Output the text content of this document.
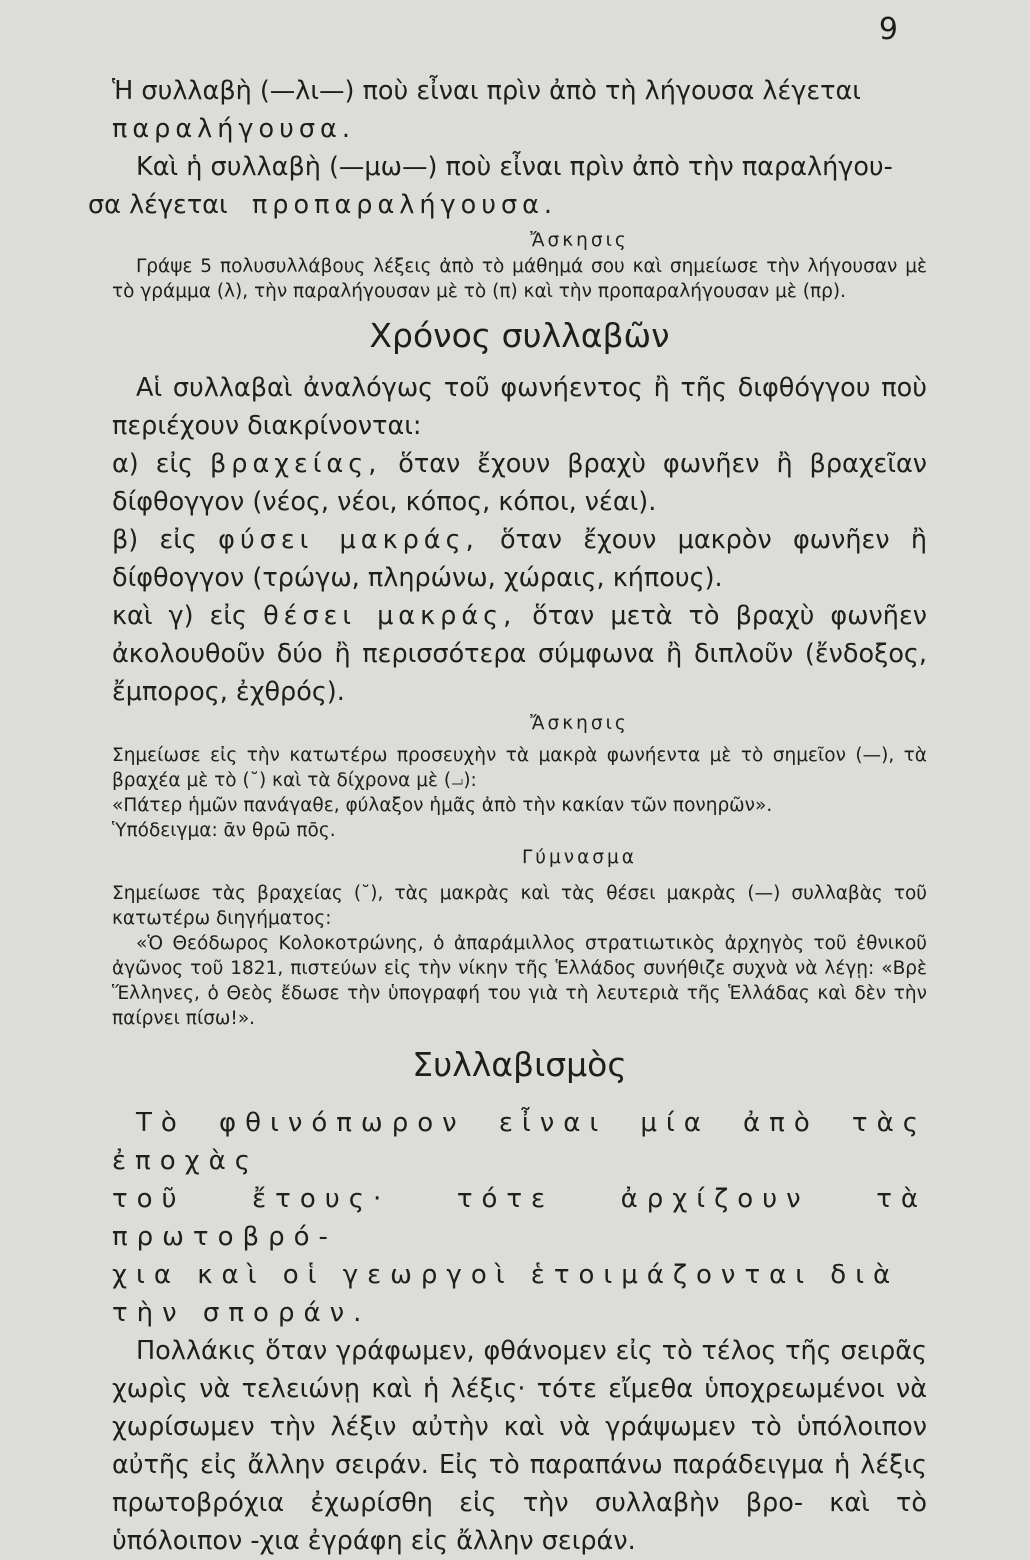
9

Ἡ συλλαβὴ (—λι—) ποὺ εἶναι πρὶν ἀπὸ τὴ λήγουσα λέγεται
παραλήγουσα.

Καὶ ἡ συλλαβὴ (—μω—) ποὺ εἶναι πρὶν ἀπὸ τὴν παραλήγου-
σα λέγεται προπαραλήγουσα.

Ἄσκησις

Γράψε 5 πολυσυλλάβους λέξεις ἀπὸ τὸ μάθημά σου καὶ σημείωσε τὴν λήγουσαν μὲ τὸ γράμμα (λ), τὴν παραλήγουσαν μὲ τὸ (π) καὶ τὴν προπαραλήγουσαν μὲ (πρ).

Χρόνος συλλαβῶν

Αἱ συλλαβαὶ ἀναλόγως τοῦ φωνήεντος ἢ τῆς διφθόγγου ποὺ περιέχουν διακρίνονται:

α) εἰς βραχείας, ὅταν ἔχουν βραχὺ φωνῆεν ἢ βραχεῖαν δίφθογγον (νέος, νέοι, κόπος, κόποι, νέαι).

β) εἰς φύσει μακράς, ὅταν ἔχουν μακρὸν φωνῆεν ἢ δίφθογγον (τρώγω, πληρώνω, χώραις, κήπους).

καὶ γ) εἰς θέσει μακράς, ὅταν μετὰ τὸ βραχὺ φωνῆεν ἀκολουθοῦν δύο ἢ περισσότερα σύμφωνα ἢ διπλοῦν (ἔνδοξος, ἔμπορος, ἐχθρός).

Ἄσκησις

Σημείωσε εἰς τὴν κατωτέρω προσευχὴν τὰ μακρὰ φωνήεντα μὲ τὸ σημεῖον (—), τὰ βραχέα μὲ τὸ (˘) καὶ τὰ δίχρονα μὲ (⏗):

«Πάτερ ἡμῶν πανάγαθε, φύλαξον ἡμᾶς ἀπὸ τὴν κακίαν τῶν πονηρῶν».

Ὑπόδειγμα: ᾱν θρω̄ πο̄ς.

Γύμνασμα

Σημείωσε τὰς βραχείας (˘), τὰς μακρὰς καὶ τὰς θέσει μακρὰς (—) συλλαβὰς τοῦ κατωτέρω διηγήματος:

«Ὁ Θεόδωρος Κολοκοτρώνης, ὁ ἀπαράμιλλος στρατιωτικὸς ἀρχηγὸς τοῦ ἐθνικοῦ ἀγῶνος τοῦ 1821, πιστεύων εἰς τὴν νίκην τῆς Ἑλλάδος συνήθιζε συχνὰ νὰ λέγῃ: «Βρὲ Ἕλληνες, ὁ Θεὸς ἔδωσε τὴν ὑπογραφή του γιὰ τὴ λευτεριὰ τῆς Ἑλλάδας καὶ δὲν τὴν παίρνει πίσω!».

Συλλαβισμὸς

Τὸ φθινόπωρον εἶναι μία ἀπὸ τὰς ἐποχὰς
τοῦ ἔτους· τότε ἀρχίζουν τὰ πρωτοβρό-
χια καὶ οἱ γεωργοὶ ἑτοιμάζονται διὰ
τὴν σποράν.

Πολλάκις ὅταν γράφωμεν, φθάνομεν εἰς τὸ τέλος τῆς σειρᾶς χωρὶς νὰ τελειώνῃ καὶ ἡ λέξις· τότε εἴμεθα ὑποχρεωμένοι νὰ χωρίσωμεν τὴν λέξιν αὐτὴν καὶ νὰ γράψωμεν τὸ ὑπόλοιπον αὐτῆς εἰς ἄλλην σειράν. Εἰς τὸ παραπάνω παράδειγμα ἡ λέξις πρωτοβρόχια ἐχωρίσθη εἰς τὴν συλλαβὴν βρο- καὶ τὸ ὑπόλοιπον -χια ἐγράφη εἰς ἄλλην σειράν.
